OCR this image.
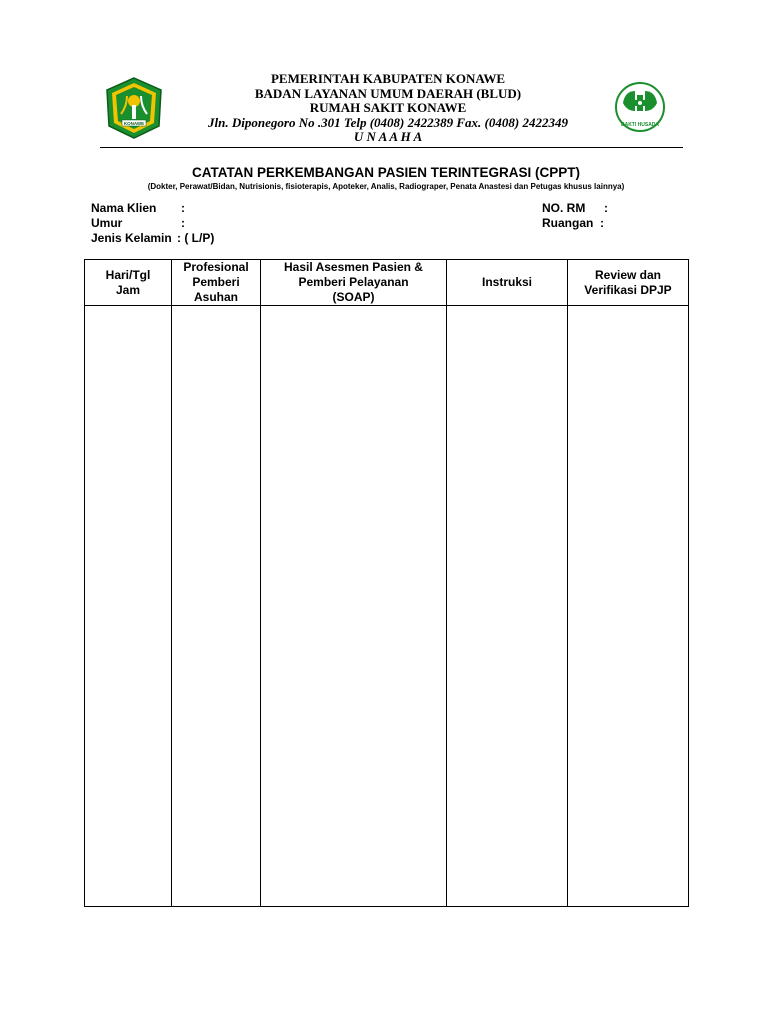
KONAWE
PEMERINTAH KABUPATEN KONAWE
BADAN LAYANAN UMUM DAERAH (BLUD)
RUMAH SAKIT KONAWE
Jln. Diponegoro No .301 Telp (0408) 2422389 Fax. (0408) 2422349
U N A A H A
BAKTI HUSADA
CATATAN PERKEMBANGAN PASIEN TERINTEGRASI (CPPT)
(Dokter, Perawat/Bidan, Nutrisionis, fisioterapis, Apoteker, Analis, Radiograper, Penata Anastesi dan Petugas khusus lainnya)
Nama Klien :
Umur	:
Jenis Kelamin : ( L/P)
NO. RM :
Ruangan :
Hari/Tgl
Jam	Profesional
Pemberi
Asuhan	Hasil Asesmen Pasien &
Pemberi Pelayanan
(SOAP)	Instruksi	Review dan
Verifikasi DPJP
